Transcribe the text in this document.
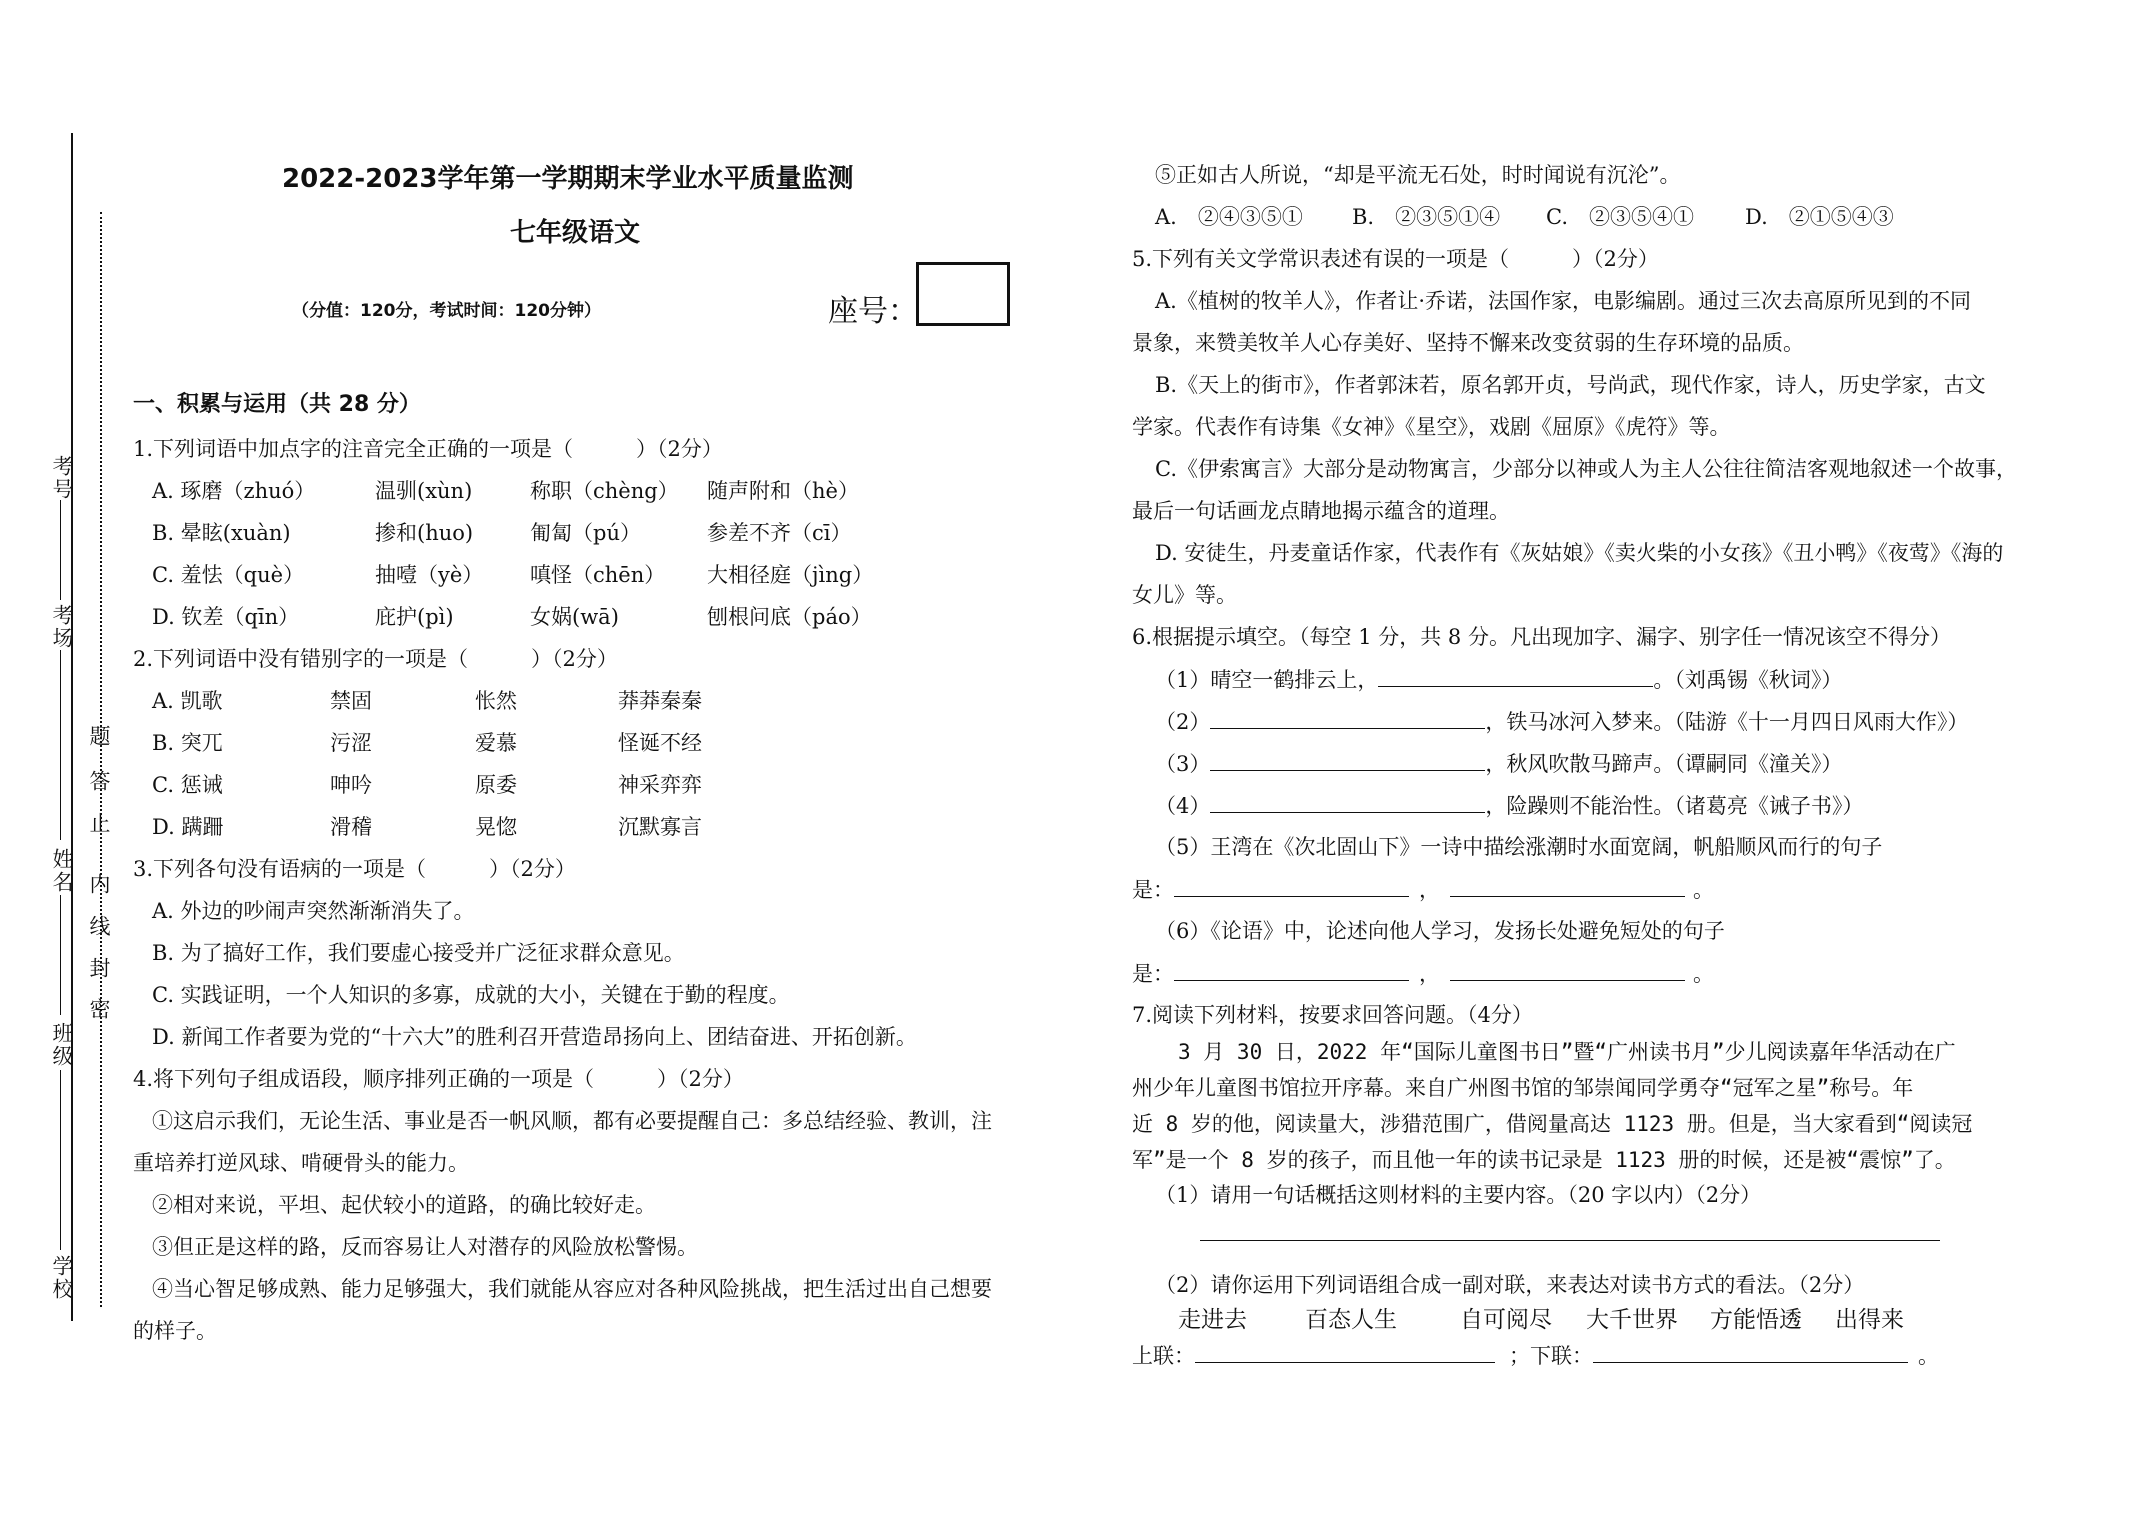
考号
考场
姓名
班级
学校
密
封
线
内
止
答
题
2022-2023学年第一学期期末学业水平质量监测
七年级语文
（分值：120分，考试时间：120分钟）	座号：
一、积累与运用（共 28 分）
1.下列词语中加点字的注音完全正确的一项是（　　　）（2分）
A. 琢磨（zhuó）	温驯(xùn)	称职（chèng） 随声附和（hè）
B. 晕眩(xuàn)	掺和(huo)	匍匐（pú）	参差不齐（cī）
C. 羞怯（què）	抽噎（yè） 嗔怪（chēn） 大相径庭（jìng）
D. 钦差（qīn）	庇护(pì)	女娲(wā)	刨根问底（páo）
2.下列词语中没有错别字的一项是（　　　）（2分）
A. 凯歌	禁固	怅然	莽莽秦秦
B. 突兀	污涩	爱慕	怪诞不经
C. 惩诫	呻吟	原委	神采弈弈
D. 蹒跚	滑稽	晃惚	沉默寡言
3.下列各句没有语病的一项是（　　　）（2分）
A. 外边的吵闹声突然渐渐消失了。
B. 为了搞好工作，我们要虚心接受并广泛征求群众意见。
C. 实践证明，一个人知识的多寡，成就的大小，关键在于勤的程度。
D. 新闻工作者要为党的“十六大”的胜利召开营造昂扬向上、团结奋进、开拓创新。
4.将下列句子组成语段，顺序排列正确的一项是（　　　）（2分）
①这启示我们，无论生活、事业是否一帆风顺，都有必要提醒自己：多总结经验、教训，注
重培养打逆风球、啃硬骨头的能力。
②相对来说，平坦、起伏较小的道路，的确比较好走。
③但正是这样的路，反而容易让人对潜存的风险放松警惕。
④当心智足够成熟、能力足够强大，我们就能从容应对各种风险挑战，把生活过出自己想要
的样子。
⑤正如古人所说，“却是平流无石处，时时闻说有沉沦”。
A.　②④③⑤① B.　②③⑤①④ C.　②③⑤④① D.　②①⑤④③
5.下列有关文学常识表述有误的一项是（　　　）（2分）
A.《植树的牧羊人》，作者让·乔诺，法国作家，电影编剧。通过三次去高原所见到的不同
景象，来赞美牧羊人心存美好、坚持不懈来改变贫弱的生存环境的品质。
B.《天上的街市》，作者郭沫若，原名郭开贞，号尚武，现代作家，诗人，历史学家，古文
学家。代表作有诗集《女神》《星空》，戏剧《屈原》《虎符》等。
C.《伊索寓言》大部分是动物寓言，少部分以神或人为主人公往往简洁客观地叙述一个故事，
最后一句话画龙点睛地揭示蕴含的道理。
D. 安徒生，丹麦童话作家，代表作有《灰姑娘》《卖火柴的小女孩》《丑小鸭》《夜莺》《海的
女儿》等。
6.根据提示填空。（每空 1 分，共 8 分。凡出现加字、漏字、别字任一情况该空不得分）
（1）晴空一鹤排云上，	。（刘禹锡《秋词》）
（2）	，铁马冰河入梦来。（陆游《十一月四日风雨大作》）
（3）	，秋风吹散马蹄声。（谭嗣同《潼关》）
（4）	，险躁则不能治性。（诸葛亮《诫子书》）
（5）王湾在《次北固山下》一诗中描绘涨潮时水面宽阔，帆船顺风而行的句子
是：	，	。
（6）《论语》中，论述向他人学习，发扬长处避免短处的句子
是：	，	。
7.阅读下列材料，按要求回答问题。（4分）
3 月 30 日，2022 年“国际儿童图书日”暨“广州读书月”少儿阅读嘉年华活动在广
州少年儿童图书馆拉开序幕。来自广州图书馆的邹崇闻同学勇夺“冠军之星”称号。年
近 8 岁的他，阅读量大，涉猎范围广，借阅量高达 1123 册。但是，当大家看到“阅读冠
军”是一个 8 岁的孩子，而且他一年的读书记录是 1123 册的时候，还是被“震惊”了。
（1）请用一句话概括这则材料的主要内容。（20 字以内）（2分）
（2）请你运用下列词语组合成一副对联，来表达对读书方式的看法。（2分）
走进去	百态人生	自可阅尽 大千世界 方能悟透 出得来
上联：	；下联：	。
